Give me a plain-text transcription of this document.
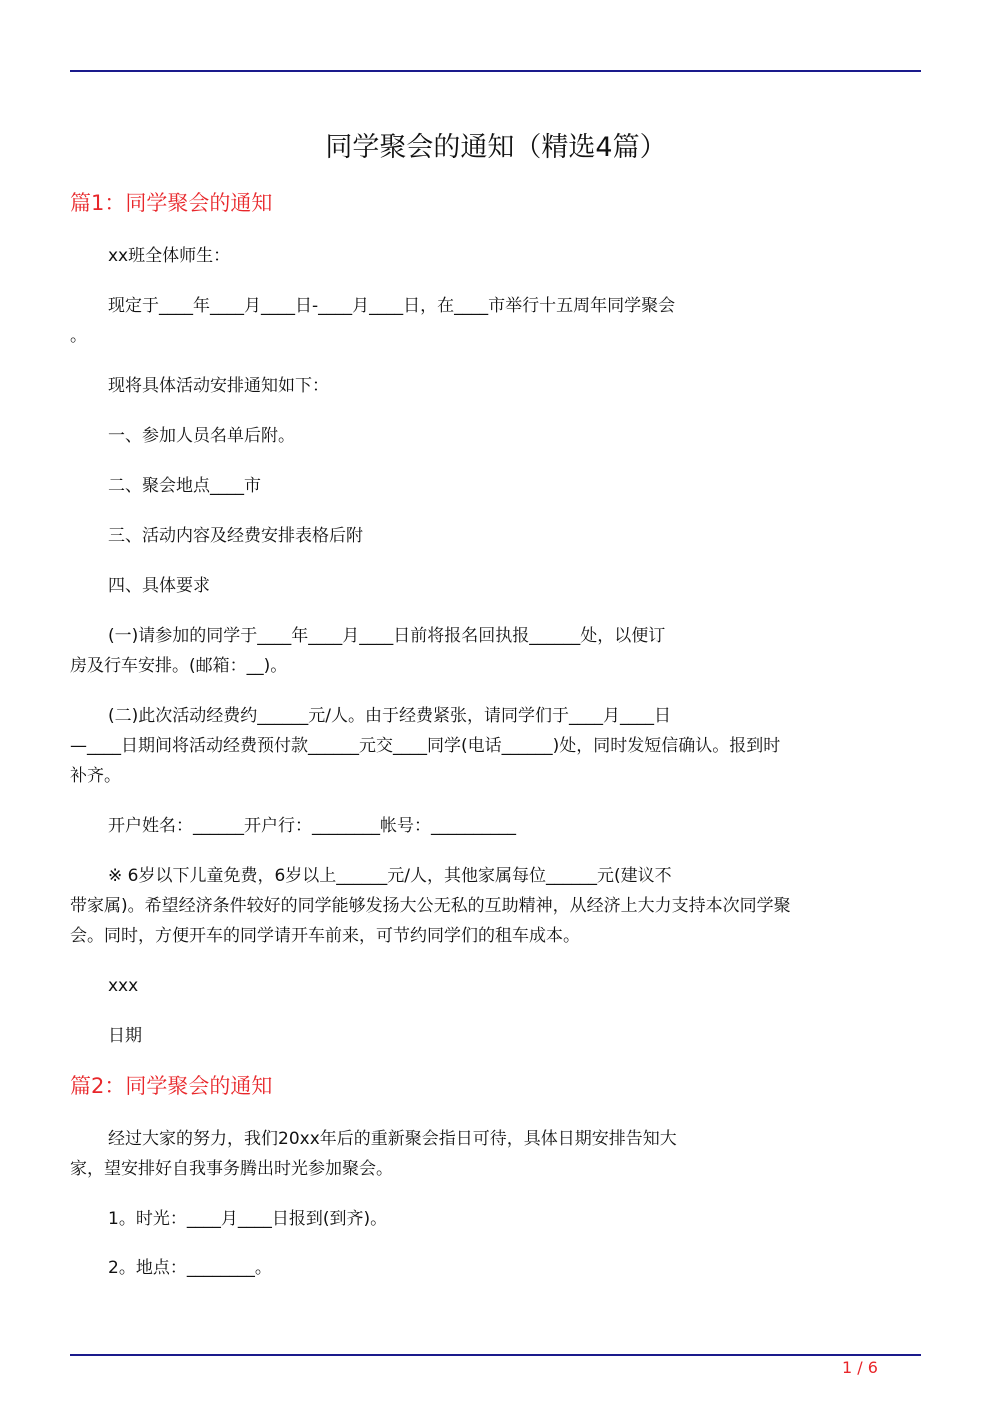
同学聚会的通知（精选4篇）
篇1：同学聚会的通知
xx班全体师生：
现定于____年____月____日-____月____日，在____市举行十五周年同学聚会
。
现将具体活动安排通知如下：
一、参加人员名单后附。
二、聚会地点____市
三、活动内容及经费安排表格后附
四、具体要求
(一)请参加的同学于____年____月____日前将报名回执报______处，以便订
房及行车安排。(邮箱：__)。
(二)此次活动经费约______元/人。由于经费紧张，请同学们于____月____日
—____日期间将活动经费预付款______元交____同学(电话______)处，同时发短信确认。报到时
补齐。
开户姓名：______开户行：________帐号：__________
※ 6岁以下儿童免费，6岁以上______元/人，其他家属每位______元(建议不
带家属)。希望经济条件较好的同学能够发扬大公无私的互助精神，从经济上大力支持本次同学聚
会。同时，方便开车的同学请开车前来，可节约同学们的租车成本。
xxx
日期
篇2：同学聚会的通知
经过大家的努力，我们20xx年后的重新聚会指日可待，具体日期安排告知大
家，望安排好自我事务腾出时光参加聚会。
1。时光：____月____日报到(到齐)。
2。地点：________。
1 / 6
